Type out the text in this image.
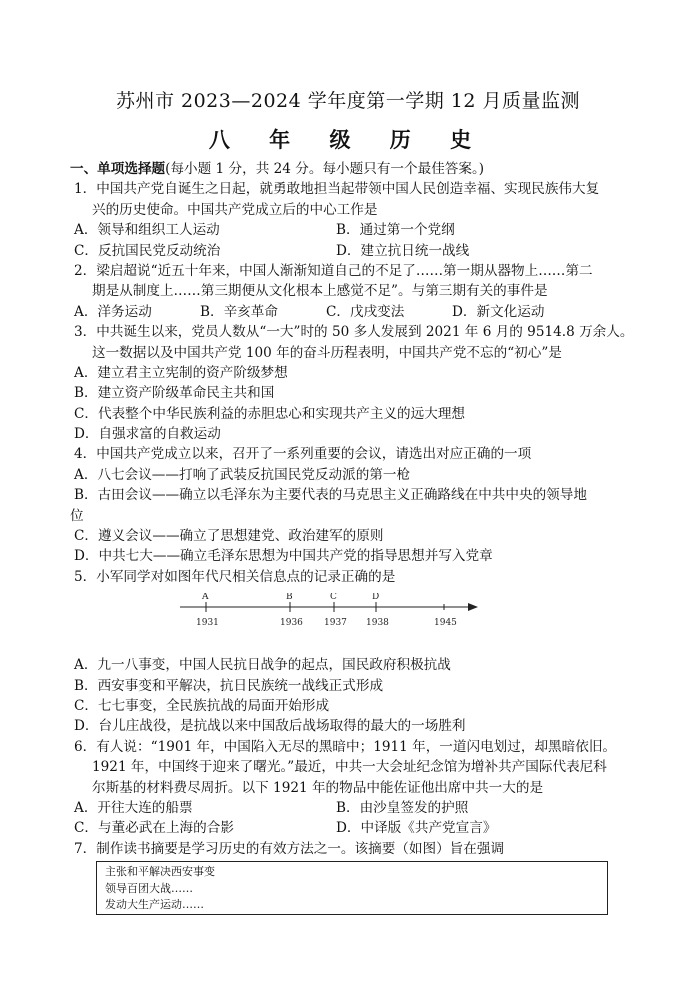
苏州市 2023—2024 学年度第一学期 12 月质量监测
八 年 级 历 史
一、单项选择题(每小题 1 分，共 24 分。每小题只有一个最佳答案。)
1．中国共产党自诞生之日起，就勇敢地担当起带领中国人民创造幸福、实现民族伟大复
兴的历史使命。中国共产党成立后的中心工作是
A．领导和组织工人运动	B．通过第一个党纲
C．反抗国民党反动统治	D．建立抗日统一战线
2．梁启超说“近五十年来，中国人渐渐知道自己的不足了……第一期从器物上……第二
期是从制度上……第三期便从文化根本上感觉不足”。与第三期有关的事件是
A．洋务运动	B．辛亥革命	C．戊戌变法	D．新文化运动
3．中共诞生以来，党员人数从“一大”时的 50 多人发展到 2021 年 6 月的 9514.8 万余人。
这一数据以及中国共产党 100 年的奋斗历程表明，中国共产党不忘的“初心”是
A．建立君主立宪制的资产阶级梦想
B．建立资产阶级革命民主共和国
C．代表整个中华民族利益的赤胆忠心和实现共产主义的远大理想
D．自强求富的自救运动
4．中国共产党成立以来，召开了一系列重要的会议，请选出对应正确的一项
A．八七会议——打响了武装反抗国民党反动派的第一枪
B．古田会议——确立以毛泽东为主要代表的马克思主义正确路线在中共中央的领导地
位
C．遵义会议——确立了思想建党、政治建军的原则
D．中共七大——确立毛泽东思想为中国共产党的指导思想并写入党章
5．小军同学对如图年代尺相关信息点的记录正确的是
A
1931
B
1936
C
1937
D
1938	1945
A．九一八事变，中国人民抗日战争的起点，国民政府积极抗战
B．西安事变和平解决，抗日民族统一战线正式形成
C．七七事变，全民族抗战的局面开始形成
D．台儿庄战役，是抗战以来中国敌后战场取得的最大的一场胜利
6．有人说：“1901 年，中国陷入无尽的黑暗中；1911 年，一道闪电划过，却黑暗依旧。
1921 年，中国终于迎来了曙光。”最近，中共一大会址纪念馆为增补共产国际代表尼科
尔斯基的材料费尽周折。以下 1921 年的物品中能佐证他出席中共一大的是
A．开往大连的船票	B．由沙皇签发的护照
C．与董必武在上海的合影	D．中译版《共产党宣言》
7．制作读书摘要是学习历史的有效方法之一。该摘要（如图）旨在强调
主张和平解决西安事变
领导百团大战……
发动大生产运动……
